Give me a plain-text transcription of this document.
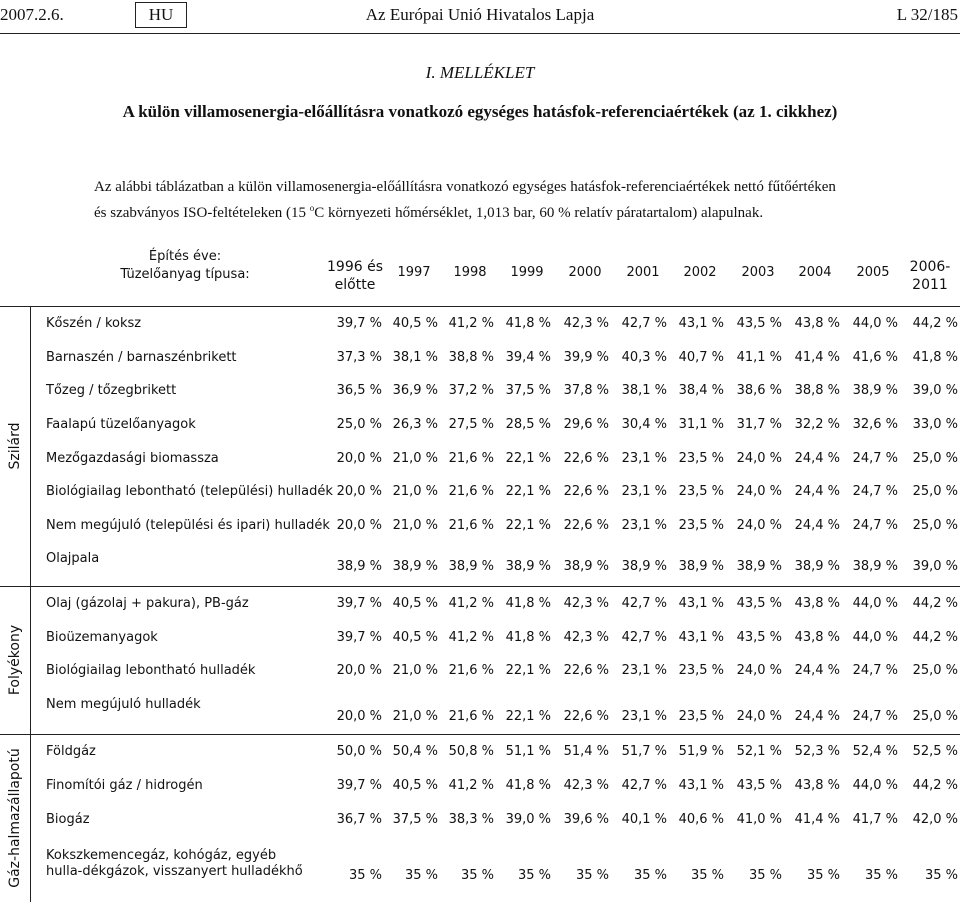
2007.2.6.	HU	Az Európai Unió Hivatalos Lapja	L 32/185
I. MELLÉKLET
A külön villamosenergia-előállításra vonatkozó egységes hatásfok-referenciaértékek (az 1. cikkhez)

Az alábbi táblázatban a külön villamosenergia-előállításra vonatkozó egységes hatásfok-referenciaértékek nettó fűtőértéken

és szabványos ISO-feltételeken (15 $^o$C környezeti hőmérséklet, 1,013 bar, 60 % relatív páratartalom) alapulnak.

Építés éve:
Tüzelőanyag típusa:	1996 és
előtte
1997	1998	1999	2000	2001	2002	2003	2004	2005	2006-
2011
Szilárd
Kőszén / koksz	39,7 % 40,5 % 41,2 % 41,8 % 42,3 % 42,7 % 43,1 % 43,5 % 43,8 % 44,0 %	44,2 %
Barnaszén / barnaszénbrikett	37,3 % 38,1 % 38,8 % 39,4 % 39,9 % 40,3 % 40,7 % 41,1 % 41,4 % 41,6 %	41,8 %
Tőzeg / tőzegbrikett	36,5 % 36,9 % 37,2 % 37,5 % 37,8 % 38,1 % 38,4 % 38,6 % 38,8 % 38,9 %	39,0 %
Faalapú tüzelőanyagok	25,0 % 26,3 % 27,5 % 28,5 % 29,6 % 30,4 % 31,1 % 31,7 % 32,2 % 32,6 %	33,0 %
Mezőgazdasági biomassza	20,0 % 21,0 % 21,6 % 22,1 % 22,6 % 23,1 % 23,5 % 24,0 % 24,4 % 24,7 %	25,0 %
Biológiailag lebontható (települési) hulladék 20,0 % 21,0 % 21,6 % 22,1 % 22,6 % 23,1 % 23,5 % 24,0 % 24,4 % 24,7 %	25,0 %
Nem megújuló (települési és ipari) hulladék 20,0 % 21,0 % 21,6 % 22,1 % 22,6 % 23,1 % 23,5 % 24,0 % 24,4 % 24,7 %	25,0 %
Olajpala
38,9 % 38,9 % 38,9 % 38,9 % 38,9 % 38,9 % 38,9 % 38,9 % 38,9 % 38,9 %	39,0 %
Folyékony
Olaj (gázolaj + pakura), PB-gáz	39,7 % 40,5 % 41,2 % 41,8 % 42,3 % 42,7 % 43,1 % 43,5 % 43,8 % 44,0 %	44,2 %
Bioüzemanyagok	39,7 % 40,5 % 41,2 % 41,8 % 42,3 % 42,7 % 43,1 % 43,5 % 43,8 % 44,0 %	44,2 %
Biológiailag lebontható hulladék	20,0 % 21,0 % 21,6 % 22,1 % 22,6 % 23,1 % 23,5 % 24,0 % 24,4 % 24,7 %	25,0 %
Nem megújuló hulladék
20,0 % 21,0 % 21,6 % 22,1 % 22,6 % 23,1 % 23,5 % 24,0 % 24,4 % 24,7 %	25,0 %
Gáz-halmazállapotú Földgáz	50,0 % 50,4 % 50,8 % 51,1 % 51,4 % 51,7 % 51,9 % 52,1 % 52,3 % 52,4 %	52,5 %
Finomítói gáz / hidrogén	39,7 % 40,5 % 41,2 % 41,8 % 42,3 % 42,7 % 43,1 % 43,5 % 43,8 % 44,0 %	44,2 %
Biogáz	36,7 % 37,5 % 38,3 % 39,0 % 39,6 % 40,1 % 40,6 % 41,0 % 41,4 % 41,7 %	42,0 %
Kokszkemencegáz, kohógáz, egyéb hulla-dékgázok, visszanyert hulladékhő	35 %	35 %	35 %	35 %	35 %	35 %	35 %	35 %	35 %	35 %	35 %
